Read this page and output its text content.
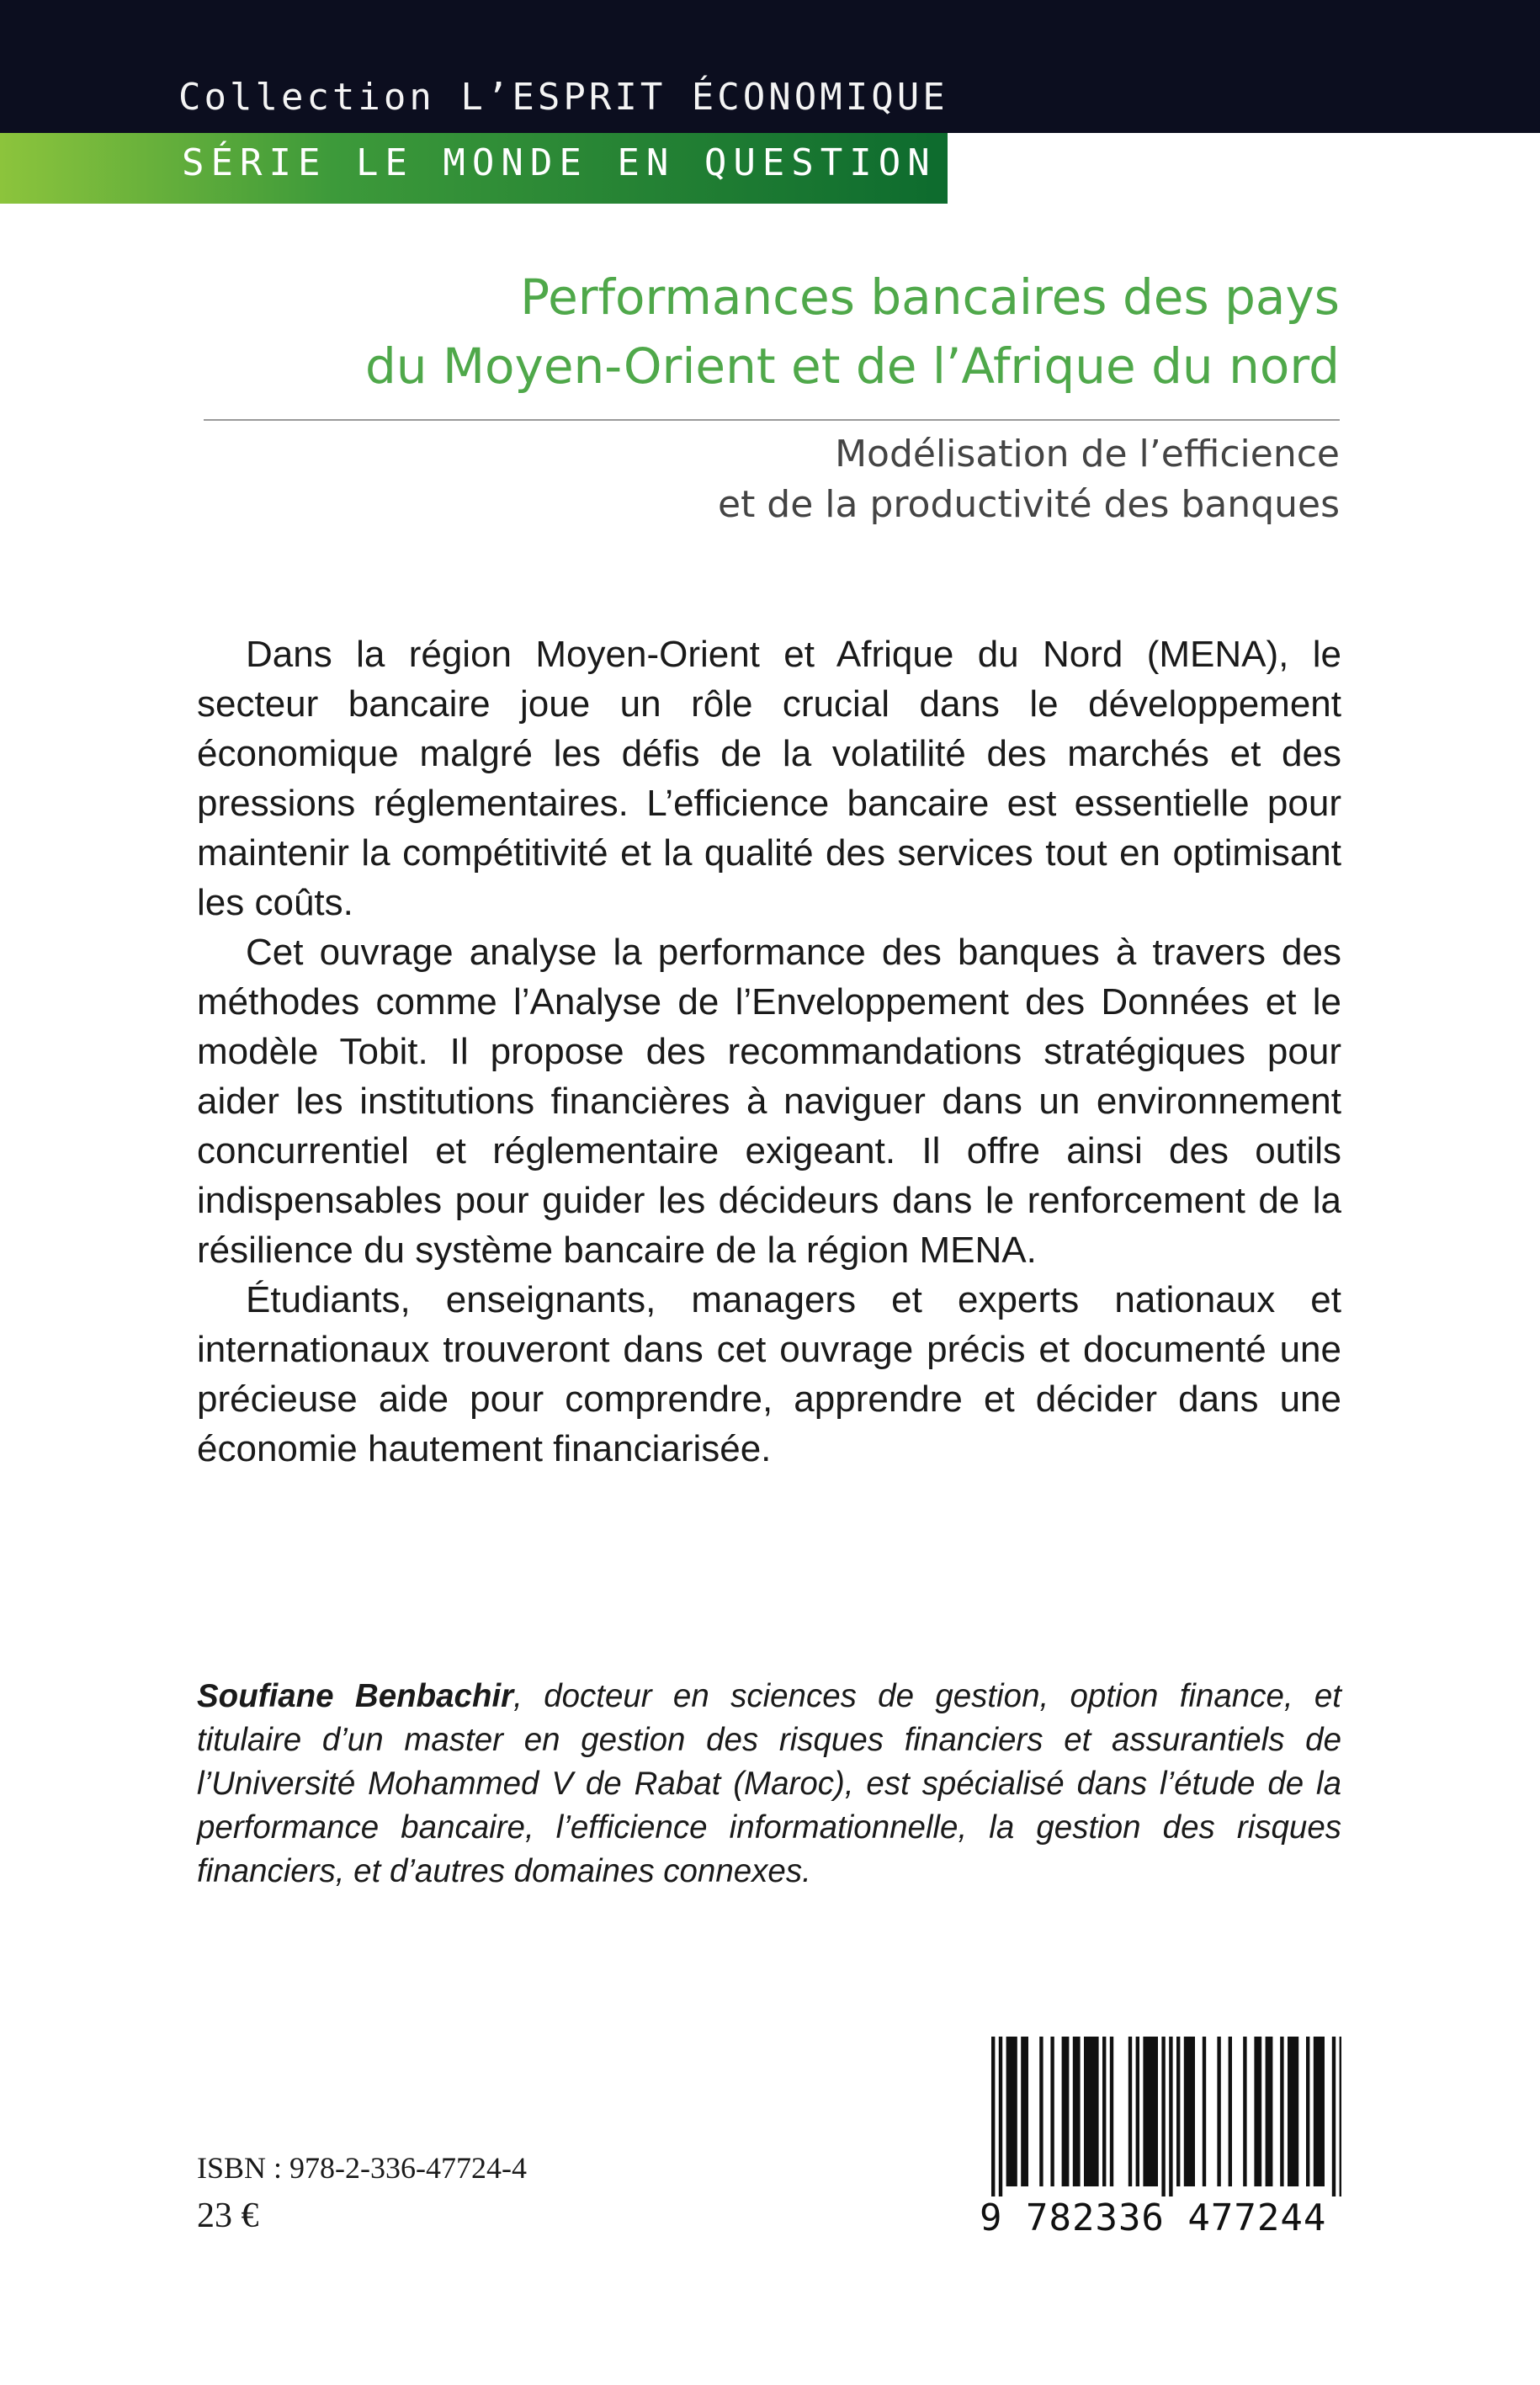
Collection L’ESPRIT ÉCONOMIQUE
SÉRIE LE MONDE EN QUESTION
Performances bancaires des pays
du Moyen-Orient et de l’Afrique du nord
Modélisation de l’efficience
et de la productivité des banques

Dans la région Moyen-Orient et Afrique du Nord (MENA), le secteur bancaire joue un rôle crucial dans le développement économique malgré les défis de la volatilité des marchés et des pressions réglementaires. L’efficience bancaire est essentielle pour maintenir la compétitivité et la qualité des services tout en optimisant les coûts.

Cet ouvrage analyse la performance des banques à travers des méthodes comme l’Analyse de l’Enveloppement des Données et le modèle Tobit. Il propose des recommandations stratégiques pour aider les institutions financières à naviguer dans un environnement concurrentiel et réglementaire exigeant. Il offre ainsi des outils indispensables pour guider les décideurs dans le renforcement de la résilience du système bancaire de la région MENA.

Étudiants, enseignants, managers et experts nationaux et internationaux trouveront dans cet ouvrage précis et documenté une précieuse aide pour comprendre, apprendre et décider dans une économie hautement financiarisée.

Soufiane Benbachir, docteur en sciences de gestion, option finance, et titulaire d’un master en gestion des risques financiers et assurantiels de l’Université Mohammed V de Rabat (Maroc), est spécialisé dans l’étude de la performance bancaire, l’efficience informationnelle, la gestion des risques financiers, et d’autres domaines connexes.
ISBN : 978-2-336-47724-4
23 €	9 782336 477244
